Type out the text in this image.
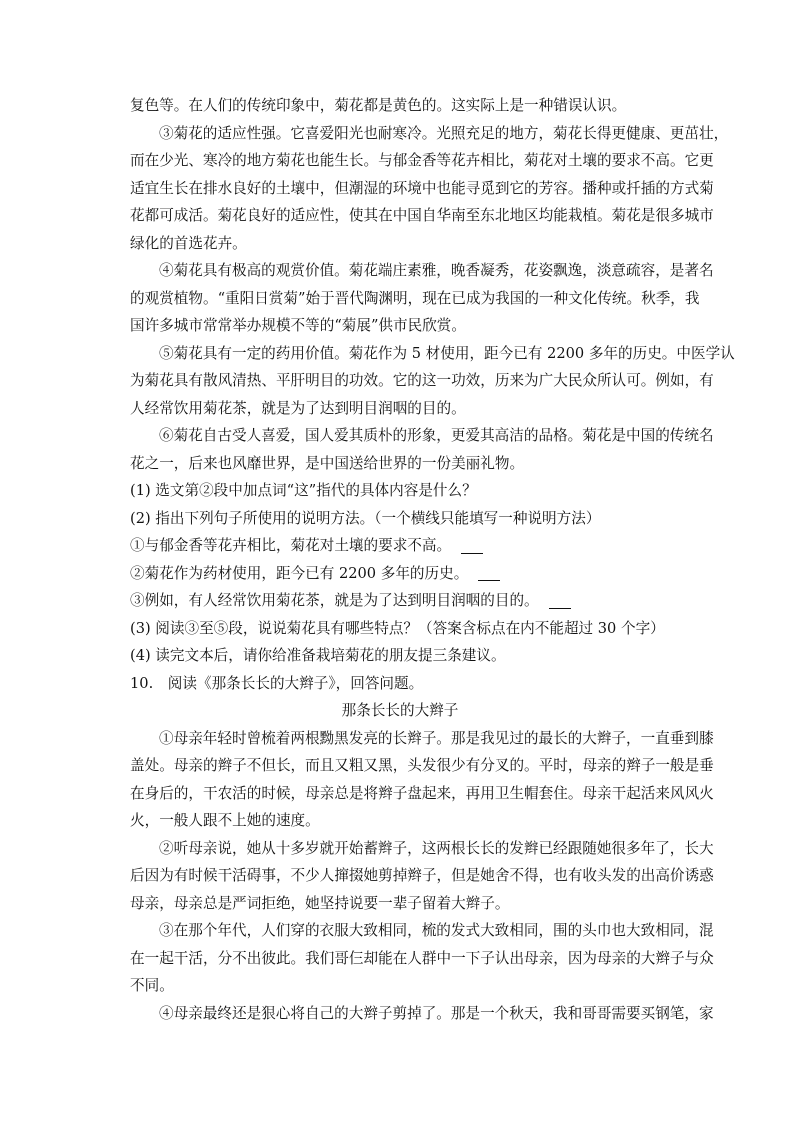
复色等。在人们的传统印象中，菊花都是黄色的。这实际上是一种错误认识。
③菊花的适应性强。它喜爱阳光也耐寒冷。光照充足的地方，菊花长得更健康、更茁壮，
而在少光、寒冷的地方菊花也能生长。与郁金香等花卉相比，菊花对土壤的要求不高。它更
适宜生长在排水良好的土壤中，但潮湿的环境中也能寻觅到它的芳容。播种或扦插的方式菊
花都可成活。菊花良好的适应性，使其在中国自华南至东北地区均能栽植。菊花是很多城市
绿化的首选花卉。
④菊花具有极高的观赏价值。菊花端庄素雅，晚香凝秀，花姿飘逸，淡意疏容，是著名
的观赏植物。“重阳日赏菊”始于晋代陶渊明，现在已成为我国的一种文化传统。秋季，我
国许多城市常常举办规模不等的“菊展”供市民欣赏。
⑤菊花具有一定的药用价值。菊花作为 5 材使用，距今已有 2200 多年的历史。中医学认
为菊花具有散风清热、平肝明目的功效。它的这一功效，历来为广大民众所认可。例如，有
人经常饮用菊花茶，就是为了达到明目润咽的目的。
⑥菊花自古受人喜爱，国人爱其质朴的形象，更爱其高洁的品格。菊花是中国的传统名
花之一，后来也风靡世界，是中国送给世界的一份美丽礼物。
(1) 选文第②段中加点词“这”指代的具体内容是什么？
(2) 指出下列句子所使用的说明方法。（一个横线只能填写一种说明方法）
①与郁金香等花卉相比，菊花对土壤的要求不高。
②菊花作为药材使用，距今已有 2200 多年的历史。
③例如，有人经常饮用菊花茶，就是为了达到明目润咽的目的。
(3) 阅读③至⑤段，说说菊花具有哪些特点？（答案含标点在内不能超过 30 个字）
(4) 读完文本后，请你给准备栽培菊花的朋友提三条建议。
10.　阅读《那条长长的大辫子》，回答问题。
那条长长的大辫子
①母亲年轻时曾梳着两根黝黑发亮的长辫子。那是我见过的最长的大辫子，一直垂到膝
盖处。母亲的辫子不但长，而且又粗又黑，头发很少有分叉的。平时，母亲的辫子一般是垂
在身后的，干农活的时候，母亲总是将辫子盘起来，再用卫生帽套住。母亲干起活来风风火
火，一般人跟不上她的速度。
②听母亲说，她从十多岁就开始蓄辫子，这两根长长的发辫已经跟随她很多年了，长大
后因为有时候干活碍事，不少人撺掇她剪掉辫子，但是她舍不得，也有收头发的出高价诱惑
母亲，母亲总是严词拒绝，她坚持说要一辈子留着大辫子。
③在那个年代，人们穿的衣服大致相同，梳的发式大致相同，围的头巾也大致相同，混
在一起干活，分不出彼此。我们哥仨却能在人群中一下子认出母亲，因为母亲的大辫子与众
不同。
④母亲最终还是狠心将自己的大辫子剪掉了。那是一个秋天，我和哥哥需要买钢笔，家
